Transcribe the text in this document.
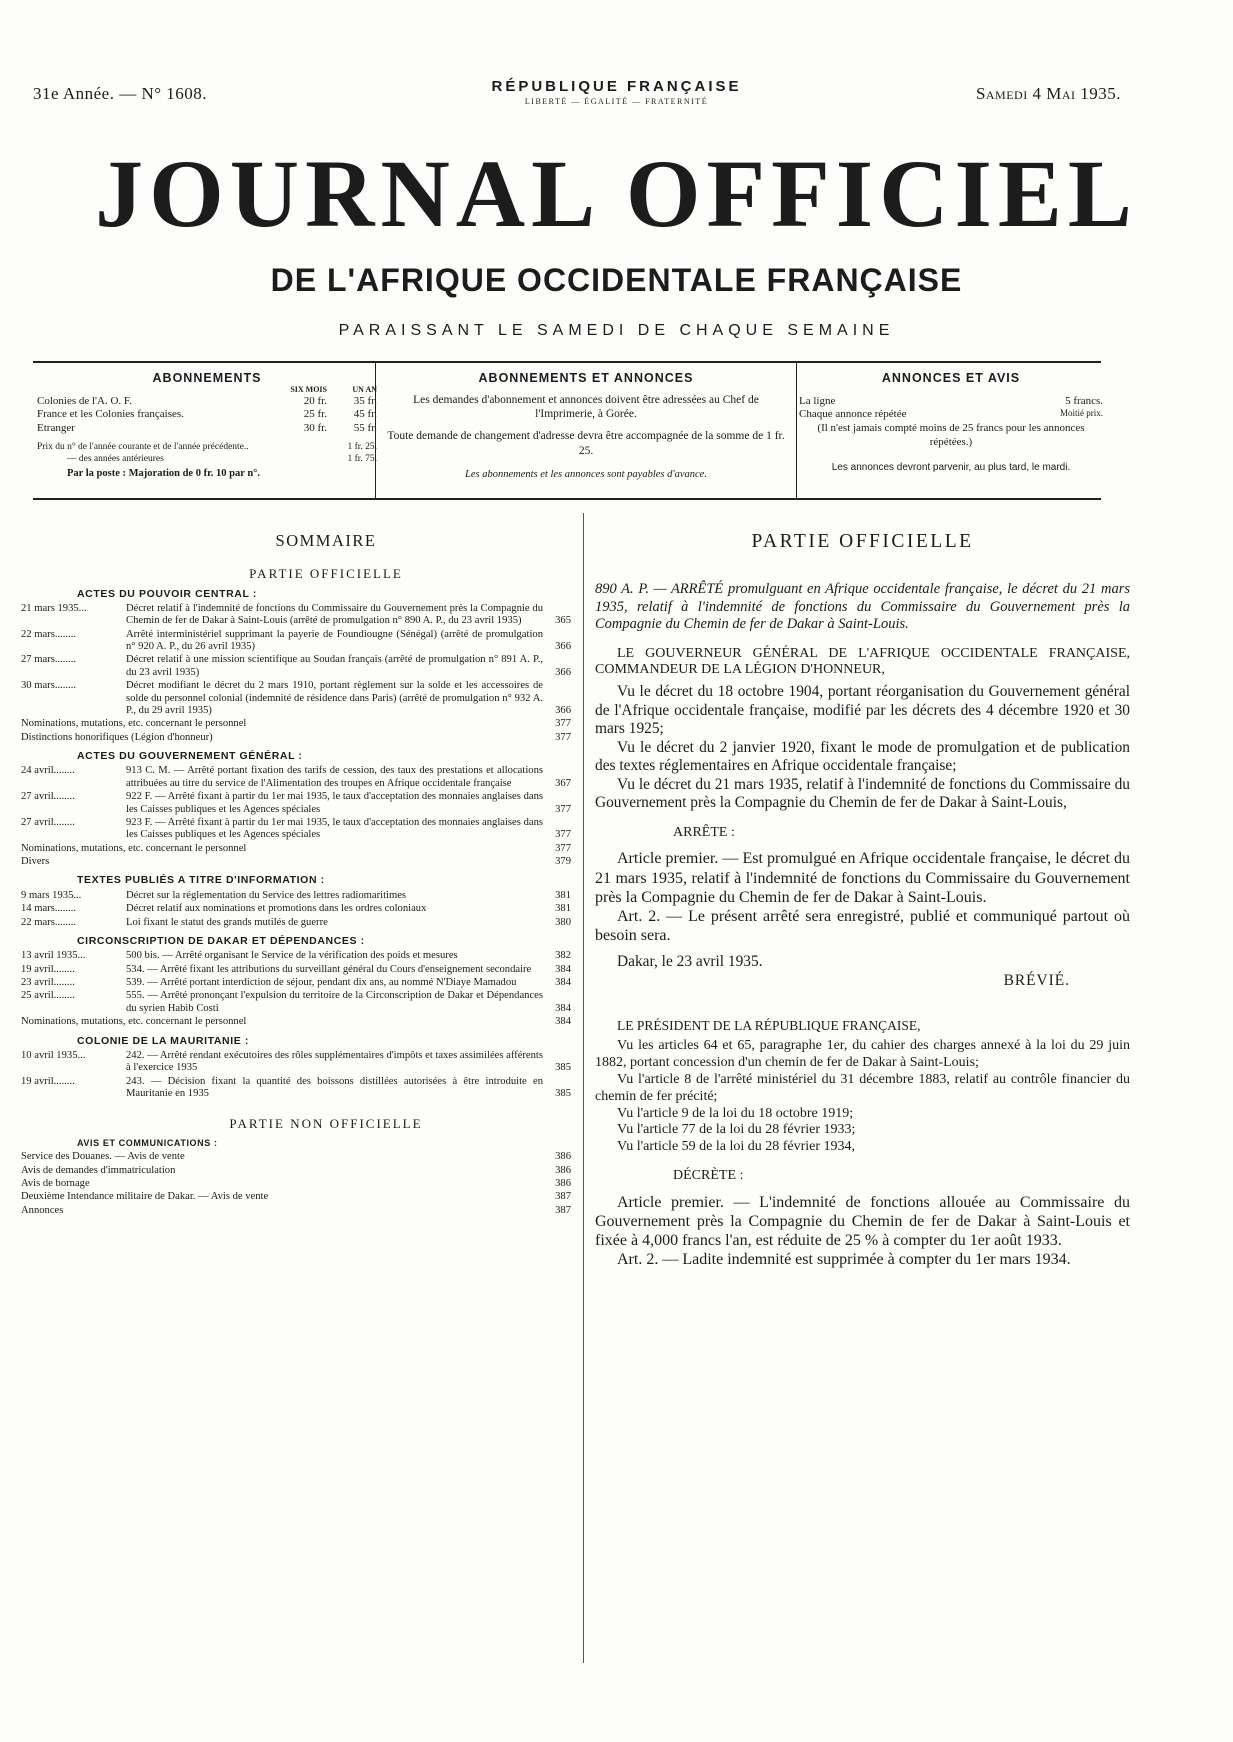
31e Année. — N° 1608.	RÉPUBLIQUE FRANÇAISE
LIBERTÉ — ÉGALITÉ — FRATERNITÉ	Samedi 4 Mai 1935.
JOURNAL OFFICIEL
DE L'AFRIQUE OCCIDENTALE FRANÇAISE
PARAISSANT LE SAMEDI DE CHAQUE SEMAINE
ABONNEMENTS
SIX MOIS	UN AN
Colonies de l'A. O. F.	20 fr.	35 fr.
France et les Colonies françaises.	25 fr.	45 fr.
Etranger	30 fr.	55 fr.
Prix du n° de l'année courante et de l'année précédente..	1 fr. 25.
— des années antérieures	1 fr. 75.
Par la poste : Majoration de 0 fr. 10 par n°.
ABONNEMENTS ET ANNONCES
Les demandes d'abonnement et annonces doivent être adressées au Chef de l'Imprimerie, à Gorée.
Toute demande de changement d'adresse devra être accompagnée de la somme de 1 fr. 25.
Les abonnements et les annonces sont payables d'avance.
ANNONCES ET AVIS
La ligne	5 francs.
Chaque annonce répétée	Moitié prix.
(Il n'est jamais compté moins de 25 francs pour les annonces répétées.)
Les annonces devront parvenir, au plus tard, le mardi.
SOMMAIRE
PARTIE OFFICIELLE
ACTES DU POUVOIR CENTRAL :
21 mars 1935...	Décret relatif à l'indemnité de fonctions du Commissaire du Gouvernement près la Compagnie du Chemin de fer de Dakar à Saint-Louis (arrêté de promulgation n° 890 A. P., du 23 avril 1935)	365
22 mars........	Arrêté interministériel supprimant la payerie de Foundiougne (Sénégal) (arrêté de promulgation n° 920 A. P., du 26 avril 1935)	366
27 mars........	Décret relatif à une mission scientifique au Soudan français (arrêté de promulgation n° 891 A. P., du 23 avril 1935)	366
30 mars........	Décret modifiant le décret du 2 mars 1910, portant règlement sur la solde et les accessoires de solde du personnel colonial (indemnité de résidence dans Paris) (arrêté de promulgation n° 932 A. P., du 29 avril 1935)	366
Nominations, mutations, etc. concernant le personnel	377
Distinctions honorifiques (Légion d'honneur)	377
ACTES DU GOUVERNEMENT GÉNÉRAL :
24 avril........	913 C. M. — Arrêté portant fixation des tarifs de cession, des taux des prestations et allocations attribuées au titre du service de l'Alimentation des troupes en Afrique occidentale française	367
27 avril........	922 F. — Arrêté fixant à partir du 1er mai 1935, le taux d'acceptation des monnaies anglaises dans les Caisses publiques et les Agences spéciales	377
27 avril........	923 F. — Arrêté fixant à partir du 1er mai 1935, le taux d'acceptation des monnaies anglaises dans les Caisses publiques et les Agences spéciales	377
Nominations, mutations, etc. concernant le personnel	377
Divers	379
TEXTES PUBLIÉS A TITRE D'INFORMATION :
9 mars 1935...	Décret sur la réglementation du Service des lettres radiomaritimes	381
14 mars........	Décret relatif aux nominations et promotions dans les ordres coloniaux	381
22 mars........	Loi fixant le statut des grands mutilés de guerre	380
CIRCONSCRIPTION DE DAKAR ET DÉPENDANCES :
13 avril 1935...	500 bis. — Arrêté organisant le Service de la vérification des poids et mesures	382
19 avril........	534. — Arrêté fixant les attributions du surveillant général du Cours d'enseignement secondaire	384
23 avril........	539. — Arrêté portant interdiction de séjour, pendant dix ans, au nommé N'Diaye Mamadou	384
25 avril........	555. — Arrêté prononçant l'expulsion du territoire de la Circonscription de Dakar et Dépendances du syrien Habib Costi	384
Nominations, mutations, etc. concernant le personnel	384
COLONIE DE LA MAURITANIE :
10 avril 1935...	242. — Arrêté rendant exécutoires des rôles supplémentaires d'impôts et taxes assimilées afférents à l'exercice 1935	385
19 avril........	243. — Décision fixant la quantité des boissons distillées autorisées à être introduite en Mauritanie en 1935	385
PARTIE NON OFFICIELLE
AVIS ET COMMUNICATIONS :
Service des Douanes. — Avis de vente	386
Avis de demandes d'immatriculation	386
Avis de bornage	386
Deuxième Intendance militaire de Dakar. — Avis de vente	387
Annonces	387
PARTIE OFFICIELLE

890 A. P. — ARRÊTÉ promulguant en Afrique occidentale française, le décret du 21 mars 1935, relatif à l'indemnité de fonctions du Commissaire du Gouvernement près la Compagnie du Chemin de fer de Dakar à Saint-Louis.

LE GOUVERNEUR GÉNÉRAL DE L'AFRIQUE OCCIDENTALE FRANÇAISE, COMMANDEUR DE LA LÉGION D'HONNEUR,

Vu le décret du 18 octobre 1904, portant réorganisation du Gouvernement général de l'Afrique occidentale française, modifié par les décrets des 4 décembre 1920 et 30 mars 1925;

Vu le décret du 2 janvier 1920, fixant le mode de promulgation et de publication des textes réglementaires en Afrique occidentale française;

Vu le décret du 21 mars 1935, relatif à l'indemnité de fonctions du Commissaire du Gouvernement près la Compagnie du Chemin de fer de Dakar à Saint-Louis,

ARRÊTE :

Article premier. — Est promulgué en Afrique occidentale française, le décret du 21 mars 1935, relatif à l'indemnité de fonctions du Commissaire du Gouvernement près la Compagnie du Chemin de fer de Dakar à Saint-Louis.

Art. 2. — Le présent arrêté sera enregistré, publié et communiqué partout où besoin sera.

Dakar, le 23 avril 1935.
BRÉVIÉ.

LE PRÉSIDENT DE LA RÉPUBLIQUE FRANÇAISE,

Vu les articles 64 et 65, paragraphe 1er, du cahier des charges annexé à la loi du 29 juin 1882, portant concession d'un chemin de fer de Dakar à Saint-Louis;

Vu l'article 8 de l'arrêté ministériel du 31 décembre 1883, relatif au contrôle financier du chemin de fer précité;

Vu l'article 9 de la loi du 18 octobre 1919;

Vu l'article 77 de la loi du 28 février 1933;

Vu l'article 59 de la loi du 28 février 1934,

DÉCRÈTE :

Article premier. — L'indemnité de fonctions allouée au Commissaire du Gouvernement près la Compagnie du Chemin de fer de Dakar à Saint-Louis et fixée à 4,000 francs l'an, est réduite de 25 % à compter du 1er août 1933.

Art. 2. — Ladite indemnité est supprimée à compter du 1er mars 1934.
